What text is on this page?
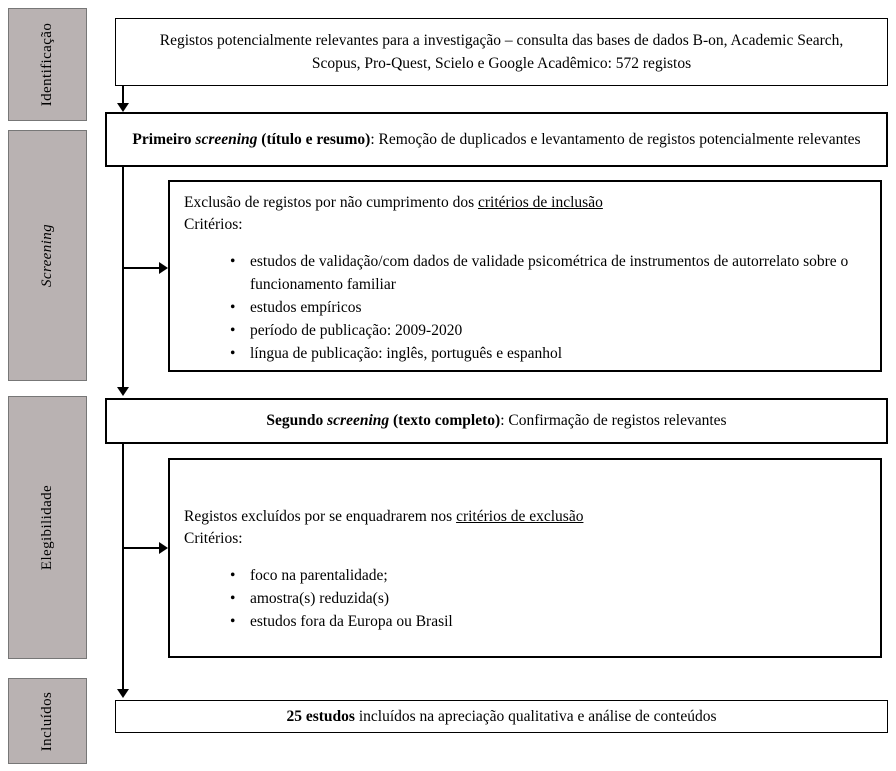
Identificação
Screening
Elegibilidade
Incluídos

Registos potencialmente relevantes para a investigação – consulta das bases de dados B-on, Academic Search, Scopus, Pro-Quest, Scielo e Google Acadêmico: 572 registos

Primeiro screening (título e resumo): Remoção de duplicados e levantamento de registos potencialmente relevantes

Exclusão de registos por não cumprimento dos critérios de inclusão

Critérios:

• estudos de validação/com dados de validade psicométrica de instrumentos de autorrelato sobre o funcionamento familiar
• estudos empíricos
• período de publicação: 2009-2020
• língua de publicação: inglês, português e espanhol

Segundo screening (texto completo): Confirmação de registos relevantes

Registos excluídos por se enquadrarem nos critérios de exclusão

Critérios:

• foco na parentalidade;
• amostra(s) reduzida(s)
• estudos fora da Europa ou Brasil

25 estudos incluídos na apreciação qualitativa e análise de conteúdos
